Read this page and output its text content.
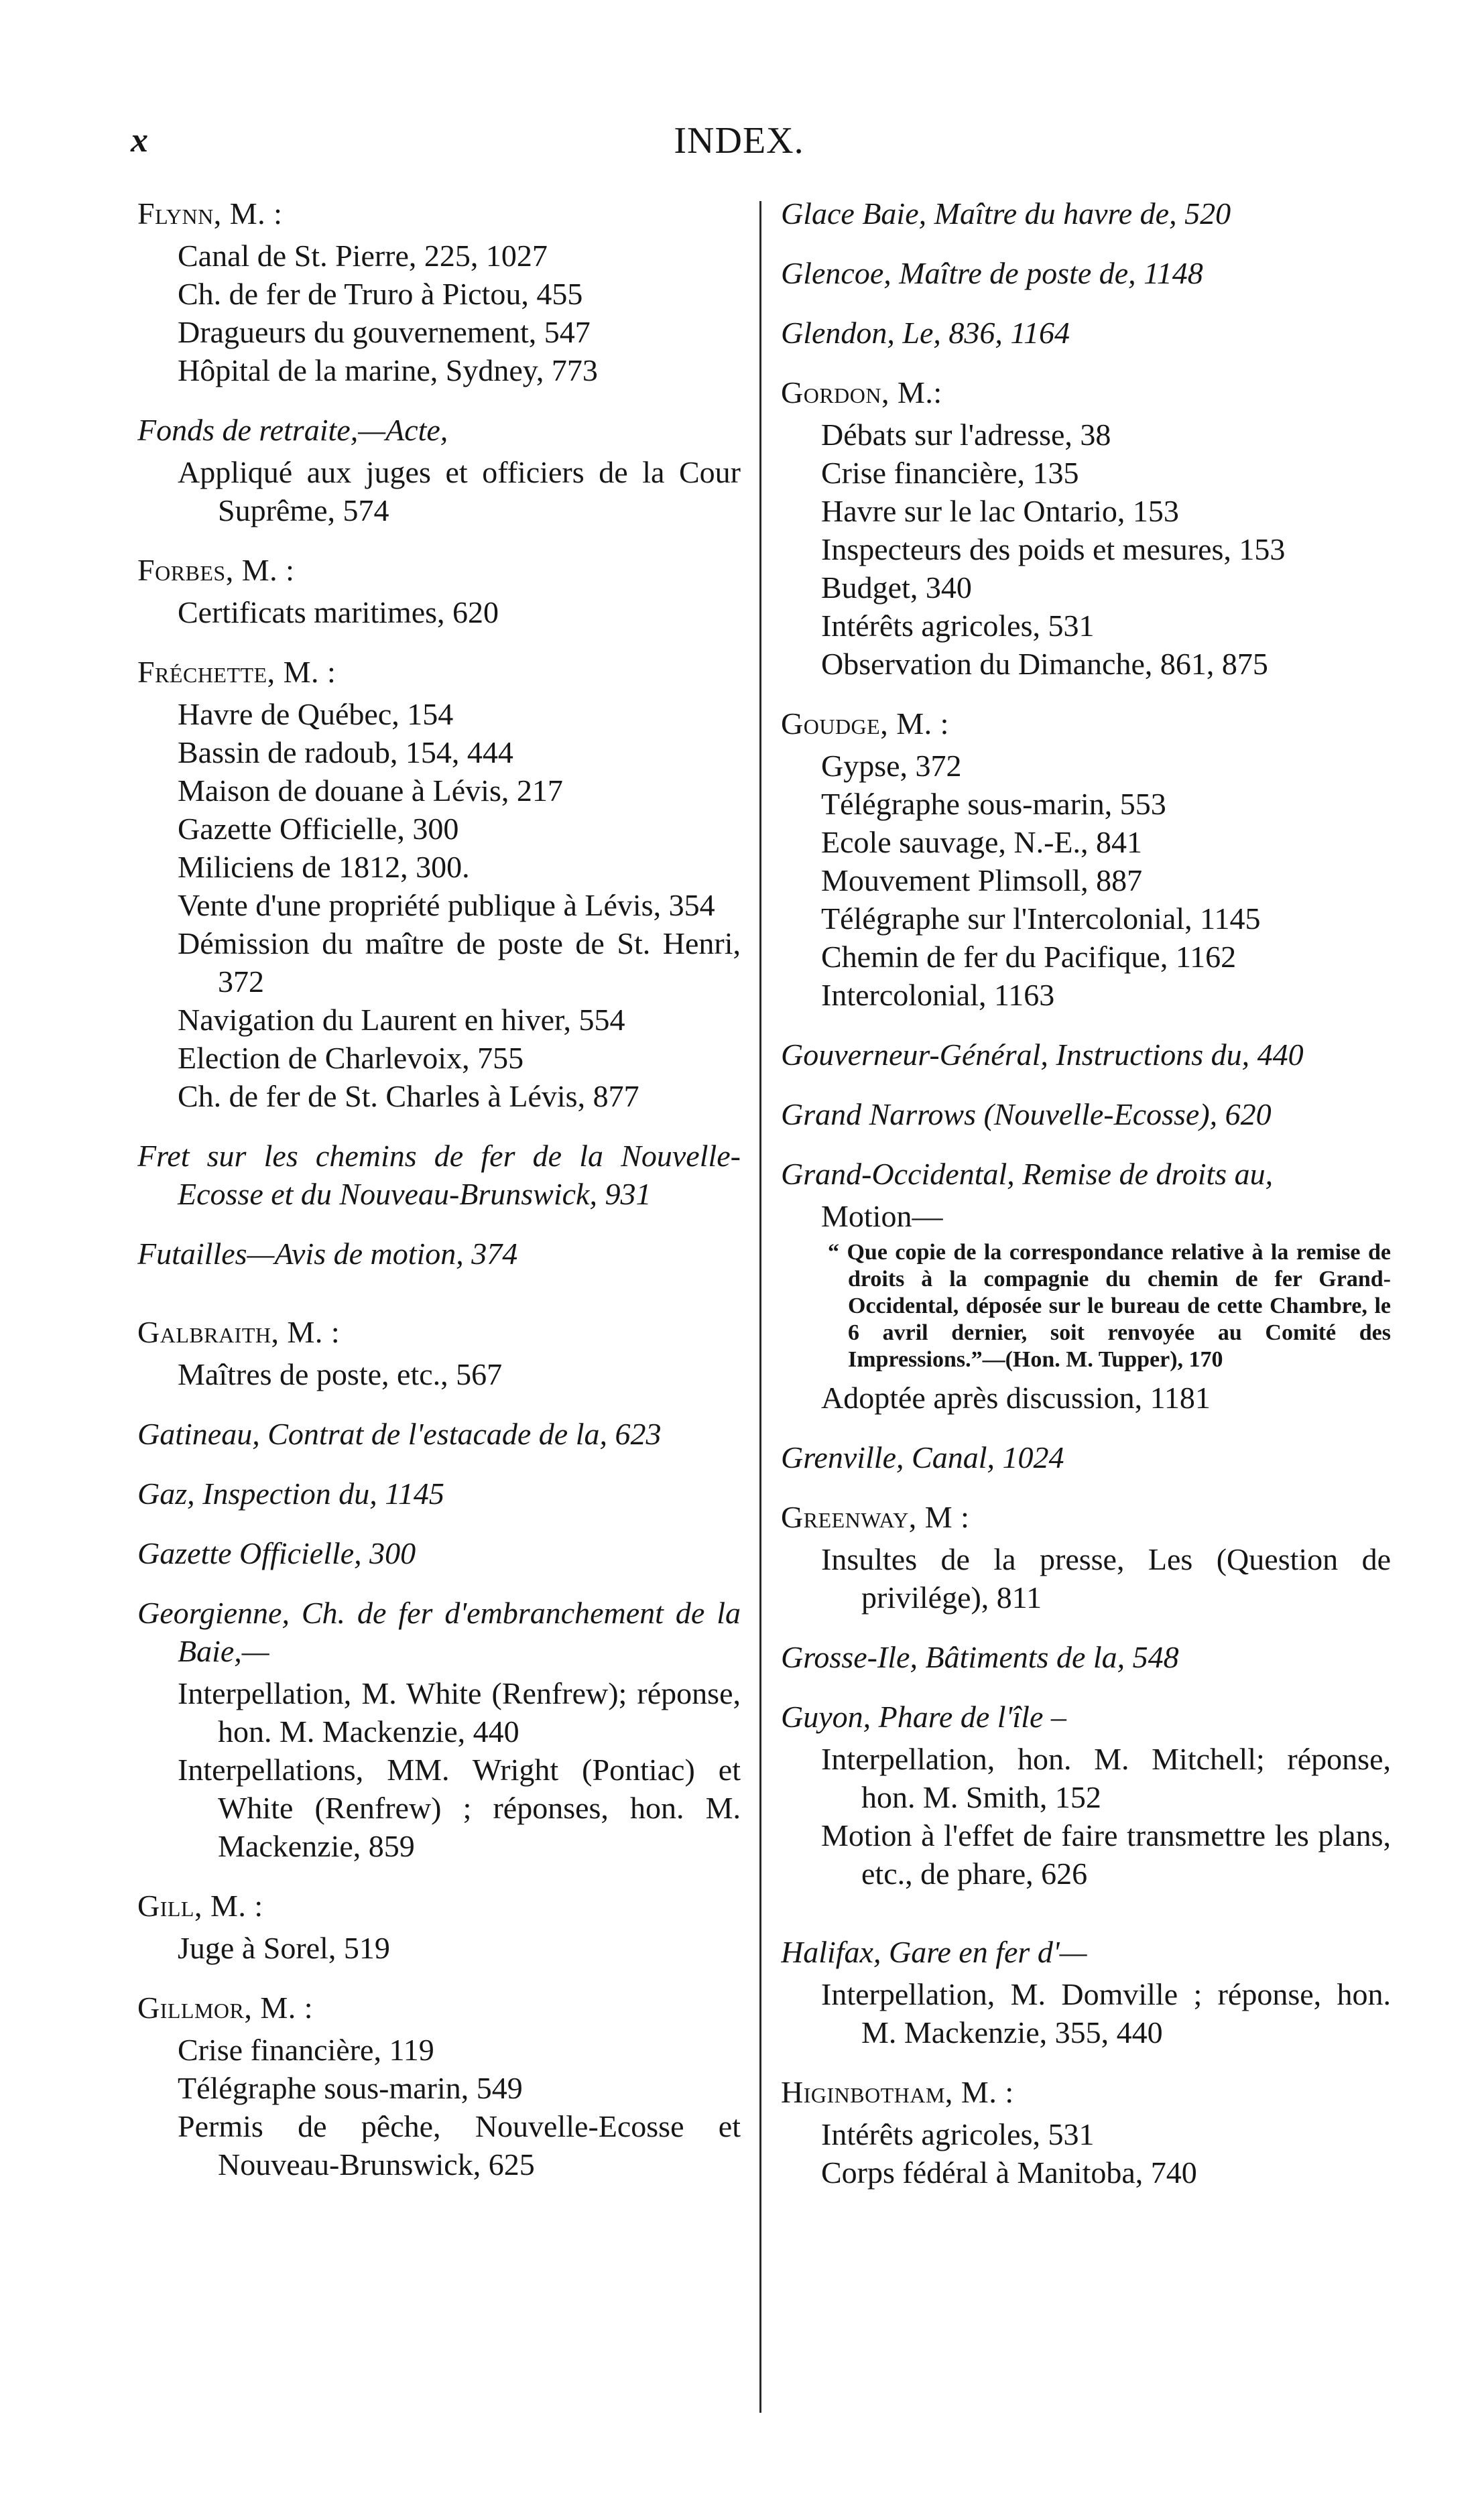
x	INDEX.
Flynn, M. :
Canal de St. Pierre, 225, 1027
Ch. de fer de Truro à Pictou, 455
Dragueurs du gouvernement, 547
Hôpital de la marine, Sydney, 773
Fonds de retraite,—Acte,
Appliqué aux juges et officiers de la Cour Suprême, 574
Forbes, M. :
Certificats maritimes, 620
Fréchette, M. :
Havre de Québec, 154
Bassin de radoub, 154, 444
Maison de douane à Lévis, 217
Gazette Officielle, 300
Miliciens de 1812, 300.
Vente d'une propriété publique à Lévis, 354
Démission du maître de poste de St. Henri, 372
Navigation du Laurent en hiver, 554
Election de Charlevoix, 755
Ch. de fer de St. Charles à Lévis, 877
Fret sur les chemins de fer de la Nouvelle-Ecosse et du Nouveau-Brunswick, 931
Futailles—Avis de motion, 374
Galbraith, M. :
Maîtres de poste, etc., 567
Gatineau, Contrat de l'estacade de la, 623
Gaz, Inspection du, 1145
Gazette Officielle, 300
Georgienne, Ch. de fer d'embranchement de la Baie,—
Interpellation, M. White (Renfrew); réponse, hon. M. Mackenzie, 440
Interpellations, MM. Wright (Pontiac) et White (Renfrew) ; réponses, hon. M. Mackenzie, 859
Gill, M. :
Juge à Sorel, 519
Gillmor, M. :
Crise financière, 119
Télégraphe sous-marin, 549
Permis de pêche, Nouvelle-Ecosse et Nouveau-Brunswick, 625
Glace Baie, Maître du havre de, 520
Glencoe, Maître de poste de, 1148
Glendon, Le, 836, 1164
Gordon, M.:
Débats sur l'adresse, 38
Crise financière, 135
Havre sur le lac Ontario, 153
Inspecteurs des poids et mesures, 153
Budget, 340
Intérêts agricoles, 531
Observation du Dimanche, 861, 875
Goudge, M. :
Gypse, 372
Télégraphe sous-marin, 553
Ecole sauvage, N.-E., 841
Mouvement Plimsoll, 887
Télégraphe sur l'Intercolonial, 1145
Chemin de fer du Pacifique, 1162
Intercolonial, 1163
Gouverneur-Général, Instructions du, 440
Grand Narrows (Nouvelle-Ecosse), 620
Grand-Occidental, Remise de droits au,
Motion—
“ Que copie de la correspondance relative à la remise de droits à la compagnie du chemin de fer Grand-Occidental, déposée sur le bureau de cette Chambre, le 6 avril dernier, soit renvoyée au Comité des Impressions.”—(Hon. M. Tupper), 170
Adoptée après discussion, 1181
Grenville, Canal, 1024
Greenway, M :
Insultes de la presse, Les (Question de privilége), 811
Grosse-Ile, Bâtiments de la, 548
Guyon, Phare de l'île –
Interpellation, hon. M. Mitchell; réponse, hon. M. Smith, 152
Motion à l'effet de faire transmettre les plans, etc., de phare, 626
Halifax, Gare en fer d'—
Interpellation, M. Domville ; réponse, hon. M. Mackenzie, 355, 440
Higinbotham, M. :
Intérêts agricoles, 531
Corps fédéral à Manitoba, 740
